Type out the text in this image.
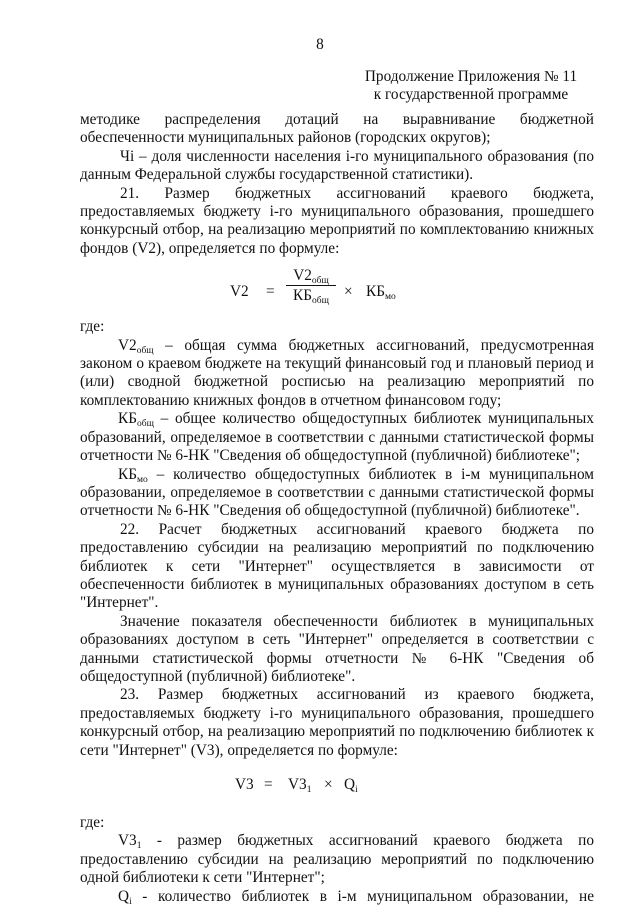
8
Продолжение Приложения № 11
к государственной программе

методике распределения дотаций на выравнивание бюджетной обеспеченности муниципальных районов (городских округов);

Чi – доля численности населения i-го муниципального образования (по данным Федеральной службы государственной статистики).

21. Размер бюджетных ассигнований краевого бюджета, предоставляемых бюджету i-го муниципального образования, прошедшего конкурсный отбор, на реализацию мероприятий по комплектованию книжных фондов (V2), определяется по формуле:

V2 =
$V2_{общ}$
$КБ_{общ}$
× $КБ_{мо}$

где:

$V2_{общ}$ – общая сумма бюджетных ассигнований, предусмотренная законом о краевом бюджете на текущий финансовый год и плановый период и (или) сводной бюджетной росписью на реализацию мероприятий по комплектованию книжных фондов в отчетном финансовом году;

$КБ_{общ}$ – общее количество общедоступных библиотек муниципальных образований, определяемое в соответствии с данными статистической формы отчетности № 6-НК "Сведения об общедоступной (публичной) библиотеке";

$КБ_{мо}$ – количество общедоступных библиотек в i-м муниципальном образовании, определяемое в соответствии с данными статистической формы отчетности № 6-НК "Сведения об общедоступной (публичной) библиотеке".

22. Расчет бюджетных ассигнований краевого бюджета по предоставлению субсидии на реализацию мероприятий по подключению библиотек к сети "Интернет" осуществляется в зависимости от обеспеченности библиотек в муниципальных образованиях доступом в сеть "Интернет".

Значение показателя обеспеченности библиотек в муниципальных образованиях доступом в сеть "Интернет" определяется в соответствии с данными статистической формы отчетности № 6-НК "Сведения об общедоступной (публичной) библиотеке".

23. Размер бюджетных ассигнований из краевого бюджета, предоставляемых бюджету i-го муниципального образования, прошедшего конкурсный отбор, на реализацию мероприятий по подключению библиотек к сети "Интернет" (V3), определяется по формуле:

$V3 = V3_1 \times Q_i$

где:

$V3_1$ - размер бюджетных ассигнований краевого бюджета по предоставлению субсидии на реализацию мероприятий по подключению одной библиотеки к сети "Интернет";

$Q_i$ - количество библиотек в i-м муниципальном образовании, не
